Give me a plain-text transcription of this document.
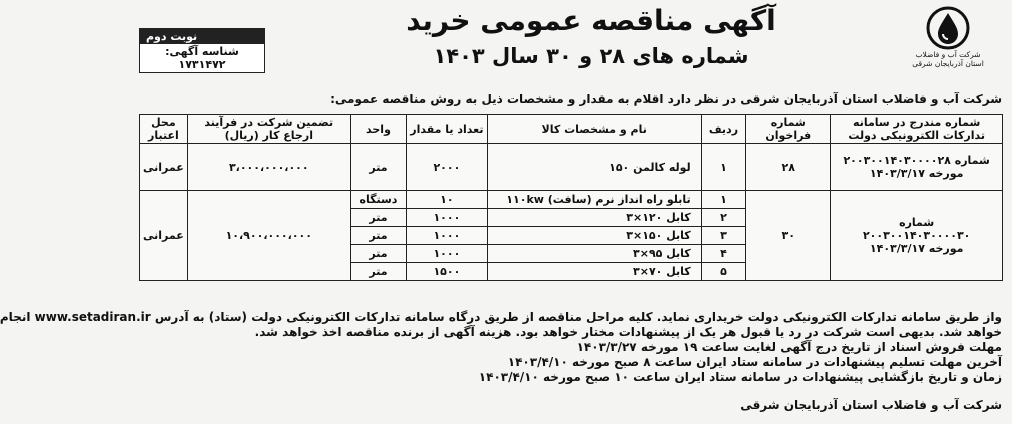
شرکت آب و فاضلاب
استان آذربایجان شرقی
آگهی مناقصه عمومی خرید
شماره های ۲۸ و ۳۰ سال ۱۴۰۳
نوبت دوم
شناسه آگهی: ۱۷۳۱۴۷۲
شرکت آب و فاضلاب استان آذربایجان شرقی در نظر دارد اقلام به مقدار و مشخصات ذیل به روش مناقصه عمومی:
شماره مندرج در سامانه تدارکات الکترونیکی دولت	شماره فراخوان	ردیف	نام و مشخصات کالا	تعداد یا مقدار	واحد	تضمین شرکت در فرآیند ارجاع کار (ریال)	محل اعتبار

شماره ۲۰۰۳۰۰۱۴۰۳۰۰۰۰۲۸
مورخه ۱۴۰۳/۳/۱۷	۲۸	۱	لوله کالمن ۱۵۰	۲۰۰۰	متر	۳،۰۰۰،۰۰۰،۰۰۰	عمرانی

شماره
۲۰۰۳۰۰۱۴۰۳۰۰۰۰۳۰
مورخه ۱۴۰۳/۳/۱۷	۳۰	۱	تابلو راه انداز نرم (سافت) ۱۱۰kw	۱۰	دستگاه	۱۰،۹۰۰،۰۰۰،۰۰۰	عمرانی
		۲	کابل ۱۲۰×۳	۱۰۰۰	متر		
		۳	کابل ۱۵۰×۳	۱۰۰۰	متر		
		۴	کابل ۹۵×۳	۱۰۰۰	متر		
		۵	کابل ۷۰×۳	۱۵۰۰	متر		
واز طریق سامانه تدارکات الکترونیکی دولت خریداری نماید. کلیه مراحل مناقصه از طریق درگاه سامانه تدارکات الکترونیکی دولت (ستاد) به آدرس www.setadiran.ir انجام
خواهد شد. بدیهی است شرکت در رد یا قبول هر یک از پیشنهادات مختار خواهد بود. هزینه آگهی از برنده مناقصه اخذ خواهد شد.
مهلت فروش اسناد از تاریخ درج آگهی لغایت ساعت ۱۹ مورخه ۱۴۰۳/۳/۲۷
آخرین مهلت تسلیم پیشنهادات در سامانه ستاد ایران ساعت ۸ صبح مورخه ۱۴۰۳/۴/۱۰
زمان و تاریخ بازگشایی پیشنهادات در سامانه ستاد ایران ساعت ۱۰ صبح مورخه ۱۴۰۳/۴/۱۰
شرکت آب و فاضلاب استان آذربایجان شرقی
